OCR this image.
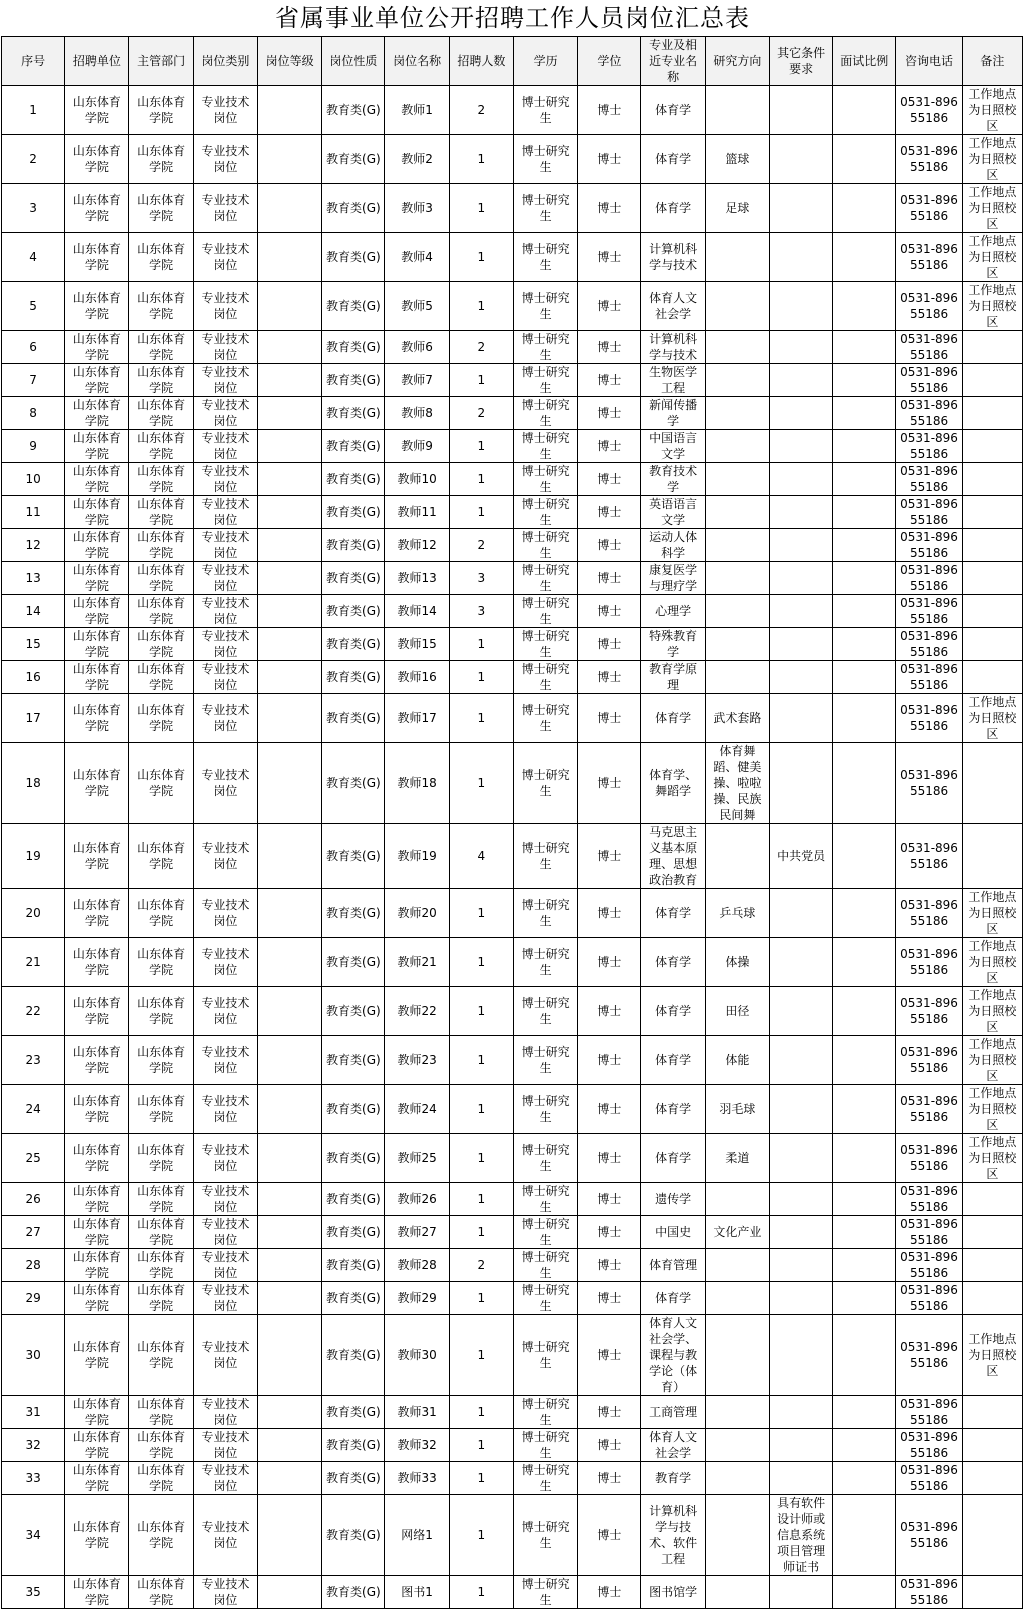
省属事业单位公开招聘工作人员岗位汇总表
序号	招聘单位	主管部门	岗位类别	岗位等级	岗位性质	岗位名称	招聘人数	学历	学位	专业及相近专业名称	研究方向	其它条件要求	面试比例	咨询电话	备注
1	山东体育学院	山东体育学院	专业技术岗位		教育类(G)	教师1	2	博士研究生	博士	体育学				0531-89655186	工作地点为日照校区
2	山东体育学院	山东体育学院	专业技术岗位		教育类(G)	教师2	1	博士研究生	博士	体育学	篮球			0531-89655186	工作地点为日照校区
3	山东体育学院	山东体育学院	专业技术岗位		教育类(G)	教师3	1	博士研究生	博士	体育学	足球			0531-89655186	工作地点为日照校区
4	山东体育学院	山东体育学院	专业技术岗位		教育类(G)	教师4	1	博士研究生	博士	计算机科学与技术				0531-89655186	工作地点为日照校区
5	山东体育学院	山东体育学院	专业技术岗位		教育类(G)	教师5	1	博士研究生	博士	体育人文社会学				0531-89655186	工作地点为日照校区
6	山东体育学院	山东体育学院	专业技术岗位		教育类(G)	教师6	2	博士研究生	博士	计算机科学与技术				0531-89655186	
7	山东体育学院	山东体育学院	专业技术岗位		教育类(G)	教师7	1	博士研究生	博士	生物医学工程				0531-89655186	
8	山东体育学院	山东体育学院	专业技术岗位		教育类(G)	教师8	2	博士研究生	博士	新闻传播学				0531-89655186	
9	山东体育学院	山东体育学院	专业技术岗位		教育类(G)	教师9	1	博士研究生	博士	中国语言文学				0531-89655186	
10	山东体育学院	山东体育学院	专业技术岗位		教育类(G)	教师10	1	博士研究生	博士	教育技术学				0531-89655186	
11	山东体育学院	山东体育学院	专业技术岗位		教育类(G)	教师11	1	博士研究生	博士	英语语言文学				0531-89655186	
12	山东体育学院	山东体育学院	专业技术岗位		教育类(G)	教师12	2	博士研究生	博士	运动人体科学				0531-89655186	
13	山东体育学院	山东体育学院	专业技术岗位		教育类(G)	教师13	3	博士研究生	博士	康复医学与理疗学				0531-89655186	
14	山东体育学院	山东体育学院	专业技术岗位		教育类(G)	教师14	3	博士研究生	博士	心理学				0531-89655186	
15	山东体育学院	山东体育学院	专业技术岗位		教育类(G)	教师15	1	博士研究生	博士	特殊教育学				0531-89655186	
16	山东体育学院	山东体育学院	专业技术岗位		教育类(G)	教师16	1	博士研究生	博士	教育学原理				0531-89655186	
17	山东体育学院	山东体育学院	专业技术岗位		教育类(G)	教师17	1	博士研究生	博士	体育学	武术套路			0531-89655186	工作地点为日照校区
18	山东体育学院	山东体育学院	专业技术岗位		教育类(G)	教师18	1	博士研究生	博士	体育学、舞蹈学	体育舞蹈、健美操、啦啦操、民族民间舞			0531-89655186	
19	山东体育学院	山东体育学院	专业技术岗位		教育类(G)	教师19	4	博士研究生	博士	马克思主义基本原理、思想政治教育		中共党员		0531-89655186	
20	山东体育学院	山东体育学院	专业技术岗位		教育类(G)	教师20	1	博士研究生	博士	体育学	乒乓球			0531-89655186	工作地点为日照校区
21	山东体育学院	山东体育学院	专业技术岗位		教育类(G)	教师21	1	博士研究生	博士	体育学	体操			0531-89655186	工作地点为日照校区
22	山东体育学院	山东体育学院	专业技术岗位		教育类(G)	教师22	1	博士研究生	博士	体育学	田径			0531-89655186	工作地点为日照校区
23	山东体育学院	山东体育学院	专业技术岗位		教育类(G)	教师23	1	博士研究生	博士	体育学	体能			0531-89655186	工作地点为日照校区
24	山东体育学院	山东体育学院	专业技术岗位		教育类(G)	教师24	1	博士研究生	博士	体育学	羽毛球			0531-89655186	工作地点为日照校区
25	山东体育学院	山东体育学院	专业技术岗位		教育类(G)	教师25	1	博士研究生	博士	体育学	柔道			0531-89655186	工作地点为日照校区
26	山东体育学院	山东体育学院	专业技术岗位		教育类(G)	教师26	1	博士研究生	博士	遗传学				0531-89655186	
27	山东体育学院	山东体育学院	专业技术岗位		教育类(G)	教师27	1	博士研究生	博士	中国史	文化产业			0531-89655186	
28	山东体育学院	山东体育学院	专业技术岗位		教育类(G)	教师28	2	博士研究生	博士	体育管理				0531-89655186	
29	山东体育学院	山东体育学院	专业技术岗位		教育类(G)	教师29	1	博士研究生	博士	体育学				0531-89655186	
30	山东体育学院	山东体育学院	专业技术岗位		教育类(G)	教师30	1	博士研究生	博士	体育人文社会学、课程与教学论（体育）				0531-89655186	工作地点为日照校区
31	山东体育学院	山东体育学院	专业技术岗位		教育类(G)	教师31	1	博士研究生	博士	工商管理				0531-89655186	
32	山东体育学院	山东体育学院	专业技术岗位		教育类(G)	教师32	1	博士研究生	博士	体育人文社会学				0531-89655186	
33	山东体育学院	山东体育学院	专业技术岗位		教育类(G)	教师33	1	博士研究生	博士	教育学				0531-89655186	
34	山东体育学院	山东体育学院	专业技术岗位		教育类(G)	网络1	1	博士研究生	博士	计算机科学与技术、软件工程		具有软件设计师或信息系统项目管理师证书		0531-89655186	
35	山东体育学院	山东体育学院	专业技术岗位		教育类(G)	图书1	1	博士研究生	博士	图书馆学				0531-89655186	
